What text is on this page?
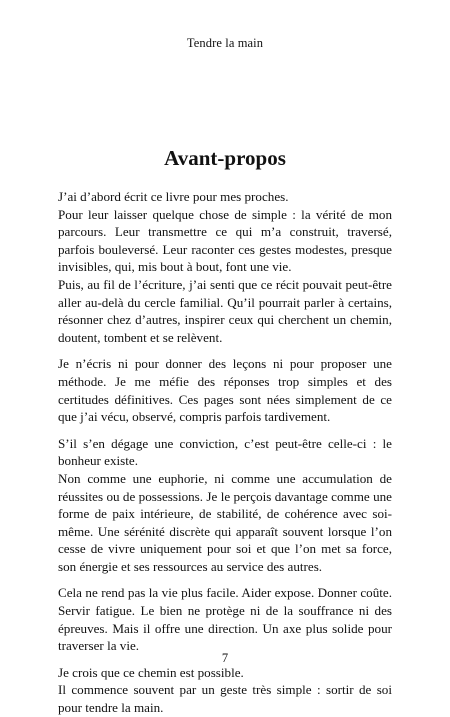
Tendre la main
Avant-propos

J’ai d’abord écrit ce livre pour mes proches.

Pour leur laisser quelque chose de simple : la vérité de mon parcours. Leur transmettre ce qui m’a construit, traversé, parfois bouleversé. Leur raconter ces gestes modestes, presque invisibles, qui, mis bout à bout, font une vie.

Puis, au fil de l’écriture, j’ai senti que ce récit pouvait peut-être aller au-delà du cercle familial. Qu’il pourrait parler à certains, résonner chez d’autres, inspirer ceux qui cherchent un chemin, doutent, tombent et se relèvent.

Je n’écris ni pour donner des leçons ni pour proposer une méthode. Je me méfie des réponses trop simples et des certitudes définitives. Ces pages sont nées simplement de ce que j’ai vécu, observé, compris parfois tardivement.

S’il s’en dégage une conviction, c’est peut-être celle-ci : le bonheur existe.

Non comme une euphorie, ni comme une accumulation de réussites ou de possessions. Je le perçois davantage comme une forme de paix intérieure, de stabilité, de cohérence avec soi-même. Une sérénité discrète qui apparaît souvent lorsque l’on cesse de vivre uniquement pour soi et que l’on met sa force, son énergie et ses ressources au service des autres.

Cela ne rend pas la vie plus facile. Aider expose. Donner coûte. Servir fatigue. Le bien ne protège ni de la souffrance ni des épreuves. Mais il offre une direction. Un axe plus solide pour traverser la vie.

Je crois que ce chemin est possible.

Il commence souvent par un geste très simple : sortir de soi pour tendre la main.

7
